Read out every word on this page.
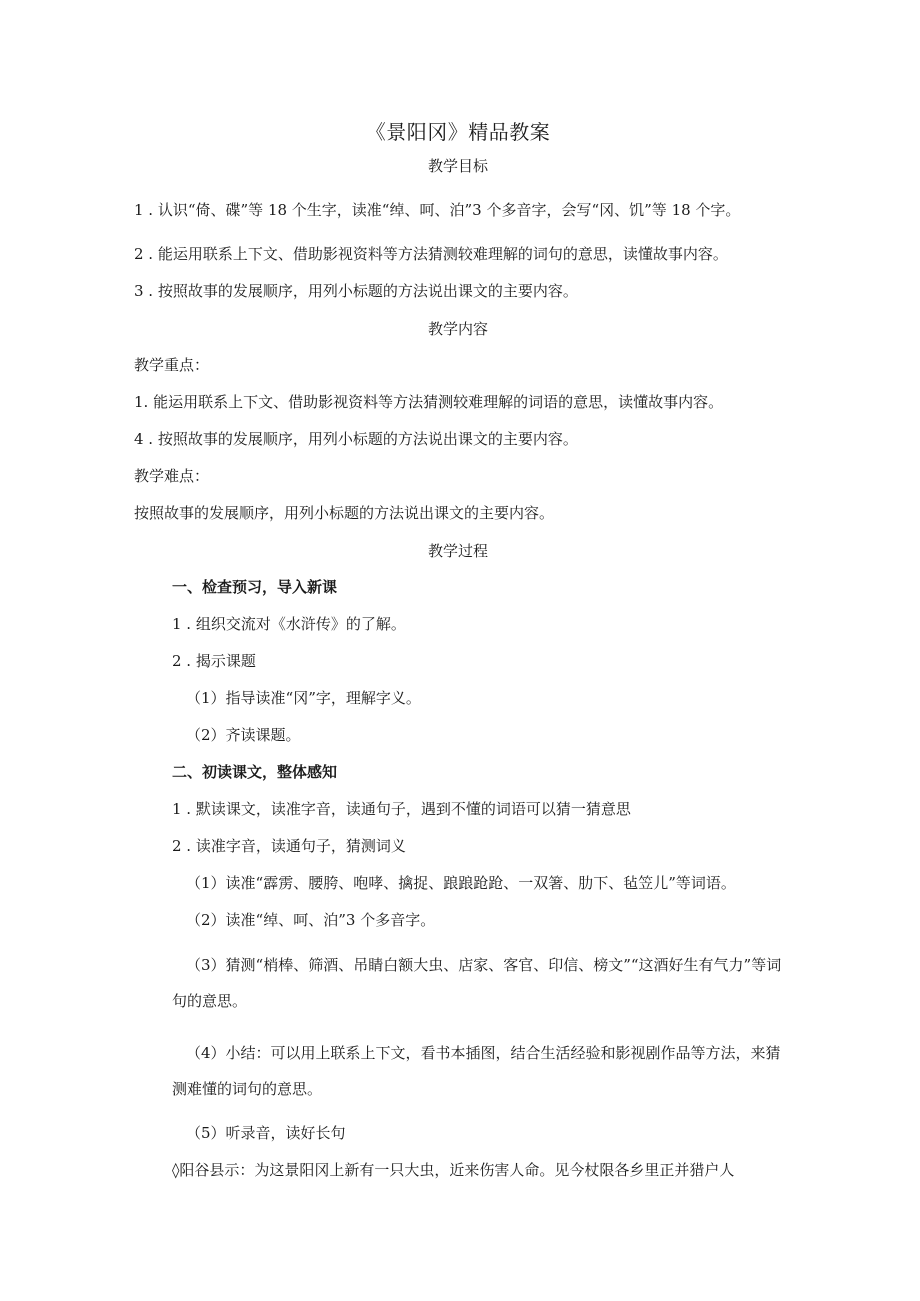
《景阳冈》精品教案
教学目标
1 . 认识“倚、碟”等 18 个生字，读准“绰、呵、泊”3 个多音字，会写“冈、饥”等 18 个字。
2 . 能运用联系上下文、借助影视资料等方法猜测较难理解的词句的意思，读懂故事内容。
3 . 按照故事的发展顺序，用列小标题的方法说出课文的主要内容。
教学内容
教学重点：
1. 能运用联系上下文、借助影视资料等方法猜测较难理解的词语的意思，读懂故事内容。
4 . 按照故事的发展顺序，用列小标题的方法说出课文的主要内容。
教学难点：
按照故事的发展顺序，用列小标题的方法说出课文的主要内容。
教学过程
一、检查预习，导入新课
1 . 组织交流对《水浒传》的了解。
2 . 揭示课题
（1）指导读准“冈”字，理解字义。
（2）齐读课题。
二、初读课文，整体感知
1 . 默读课文，读准字音，读通句子，遇到不懂的词语可以猜一猜意思
2 . 读准字音，读通句子，猜测词义
（1）读准“霹雳、腰胯、咆哮、擒捉、踉踉跄跄、一双箸、肋下、毡笠儿”等词语。
（2）读准“绰、呵、泊”3 个多音字。
（3）猜测“梢棒、筛酒、吊睛白额大虫、店家、客官、印信、榜文”“这酒好生有气力”等词句的意思。
（4）小结：可以用上联系上下文，看书本插图，结合生活经验和影视剧作品等方法，来猜测难懂的词句的意思。
（5）听录音，读好长句
◊阳谷县示：为这景阳冈上新有一只大虫，近来伤害人命。见今杖限各乡里正并猎户人
